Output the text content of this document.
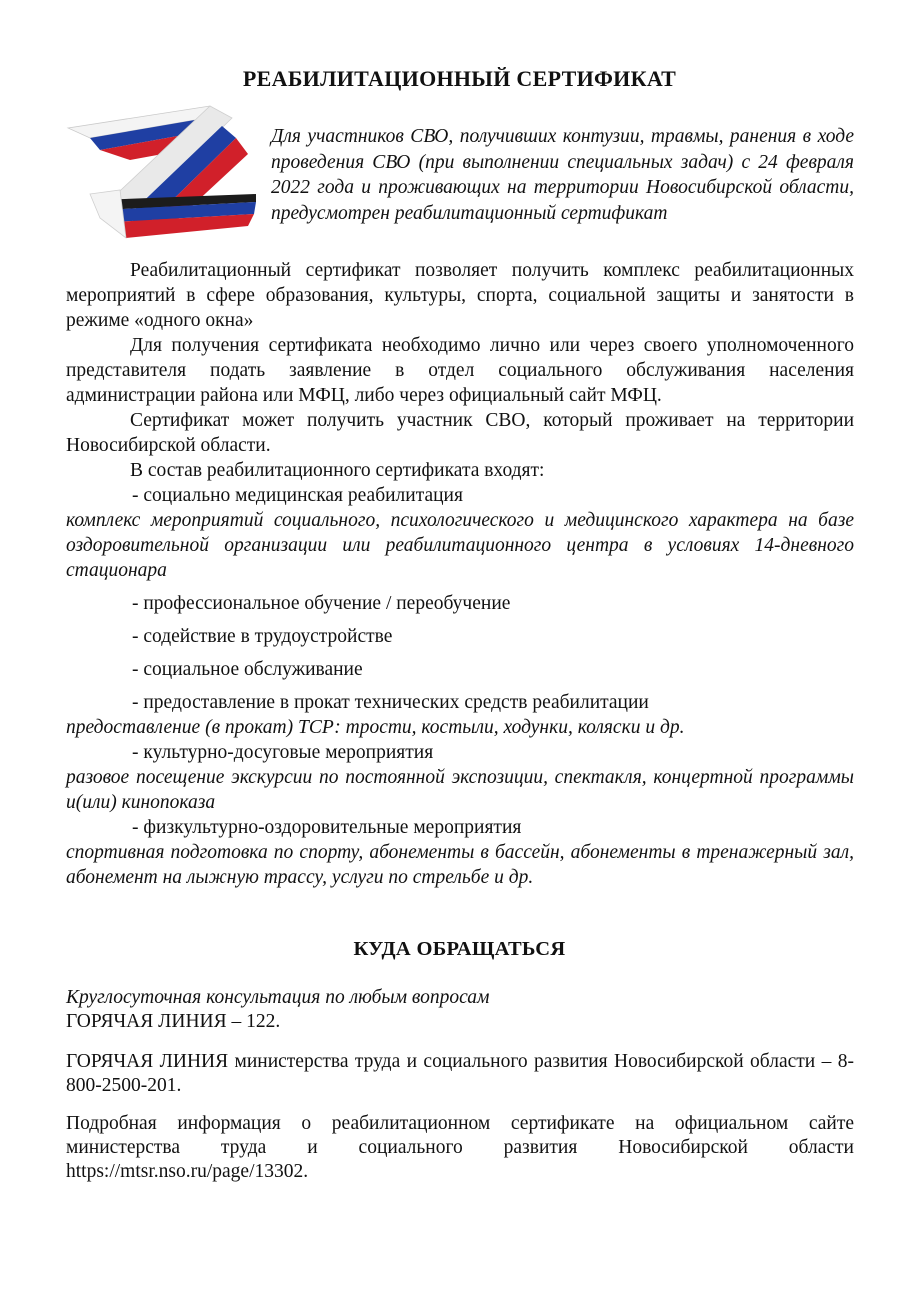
РЕАБИЛИТАЦИОННЫЙ СЕРТИФИКАТ
Для участников СВО, получивших контузии, травмы, ранения в ходе проведения СВО (при выполнении специальных задач) с 24 февраля 2022 года и проживающих на территории Новосибирской области, предусмотрен реабилитационный сертификат

Реабилитационный сертификат позволяет получить комплекс реабилитационных мероприятий в сфере образования, культуры, спорта, социальной защиты и занятости в режиме «одного окна»

Для получения сертификата необходимо лично или через своего уполномоченного представителя подать заявление в отдел социального обслуживания населения администрации района или МФЦ, либо через официальный сайт МФЦ.

Сертификат может получить участник СВО, который проживает на территории Новосибирской области.

В состав реабилитационного сертификата входят:

- социально медицинская реабилитация

комплекс мероприятий социального, психологического и медицинского характера на базе оздоровительной организации или реабилитационного центра в условиях 14-дневного стационара

- профессиональное обучение / переобучение

- содействие в трудоустройстве

- социальное обслуживание

- предоставление в прокат технических средств реабилитации

предоставление (в прокат) ТСР: трости, костыли, ходунки, коляски и др.

- культурно-досуговые мероприятия

разовое посещение экскурсии по постоянной экспозиции, спектакля, концертной программы и(или) кинопоказа

- физкультурно-оздоровительные мероприятия

спортивная подготовка по спорту, абонементы в бассейн, абонементы в тренажерный зал, абонемент на лыжную трассу, услуги по стрельбе и др.

КУДА ОБРАЩАТЬСЯ

Круглосуточная консультация по любым вопросам

ГОРЯЧАЯ ЛИНИЯ – 122.

ГОРЯЧАЯ ЛИНИЯ министерства труда и социального развития Новосибирской области – 8-800-2500-201.

Подробная информация о реабилитационном сертификате на официальном сайте министерства труда и социального развития Новосибирской области https://mtsr.nso.ru/page/13302.
